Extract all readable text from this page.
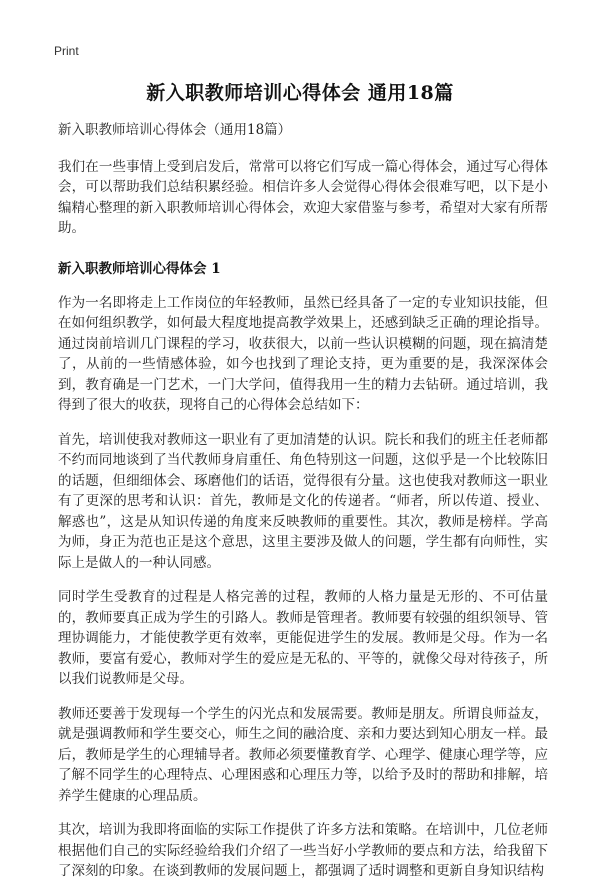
Print
新入职教师培训心得体会 通用18篇

新入职教师培训心得体会（通用18篇）

我们在一些事情上受到启发后，常常可以将它们写成一篇心得体会，通过写心得体会，可以帮助我们总结积累经验。相信许多人会觉得心得体会很难写吧，以下是小编精心整理的新入职教师培训心得体会，欢迎大家借鉴与参考，希望对大家有所帮助。

新入职教师培训心得体会 1

作为一名即将走上工作岗位的年轻教师，虽然已经具备了一定的专业知识技能，但在如何组织教学，如何最大程度地提高教学效果上，还感到缺乏正确的理论指导。通过岗前培训几门课程的学习，收获很大，以前一些认识模糊的问题，现在搞清楚了，从前的一些情感体验，如今也找到了理论支持，更为重要的是，我深深体会到，教育确是一门艺术，一门大学问，值得我用一生的精力去钻研。通过培训，我得到了很大的收获，现将自己的心得体会总结如下：

首先，培训使我对教师这一职业有了更加清楚的认识。院长和我们的班主任老师都不约而同地谈到了当代教师身肩重任、角色特别这一问题，这似乎是一个比较陈旧的话题，但细细体会、琢磨他们的话语，觉得很有分量。这也使我对教师这一职业有了更深的思考和认识：首先，教师是文化的传递者。“师者，所以传道、授业、解惑也”，这是从知识传递的角度来反映教师的重要性。其次，教师是榜样。学高为师，身正为范也正是这个意思，这里主要涉及做人的问题，学生都有向师性，实际上是做人的一种认同感。

同时学生受教育的过程是人格完善的过程，教师的人格力量是无形的、不可估量的，教师要真正成为学生的引路人。教师是管理者。教师要有较强的组织领导、管理协调能力，才能使教学更有效率，更能促进学生的发展。教师是父母。作为一名教师，要富有爱心，教师对学生的爱应是无私的、平等的，就像父母对待孩子，所以我们说教师是父母。

教师还要善于发现每一个学生的闪光点和发展需要。教师是朋友。所谓良师益友，就是强调教师和学生要交心，师生之间的融洽度、亲和力要达到知心朋友一样。最后，教师是学生的心理辅导者。教师必须要懂教育学、心理学、健康心理学等，应了解不同学生的心理特点、心理困惑和心理压力等，以给予及时的帮助和排解，培养学生健康的心理品质。

其次，培训为我即将面临的实际工作提供了许多方法和策略。在培训中，几位老师根据他们自己的实际经验给我们介绍了一些当好小学教师的要点和方法，给我留下了深刻的印象。在谈到教师的发展问题上，都强调了适时调整和更新自身知识结构
